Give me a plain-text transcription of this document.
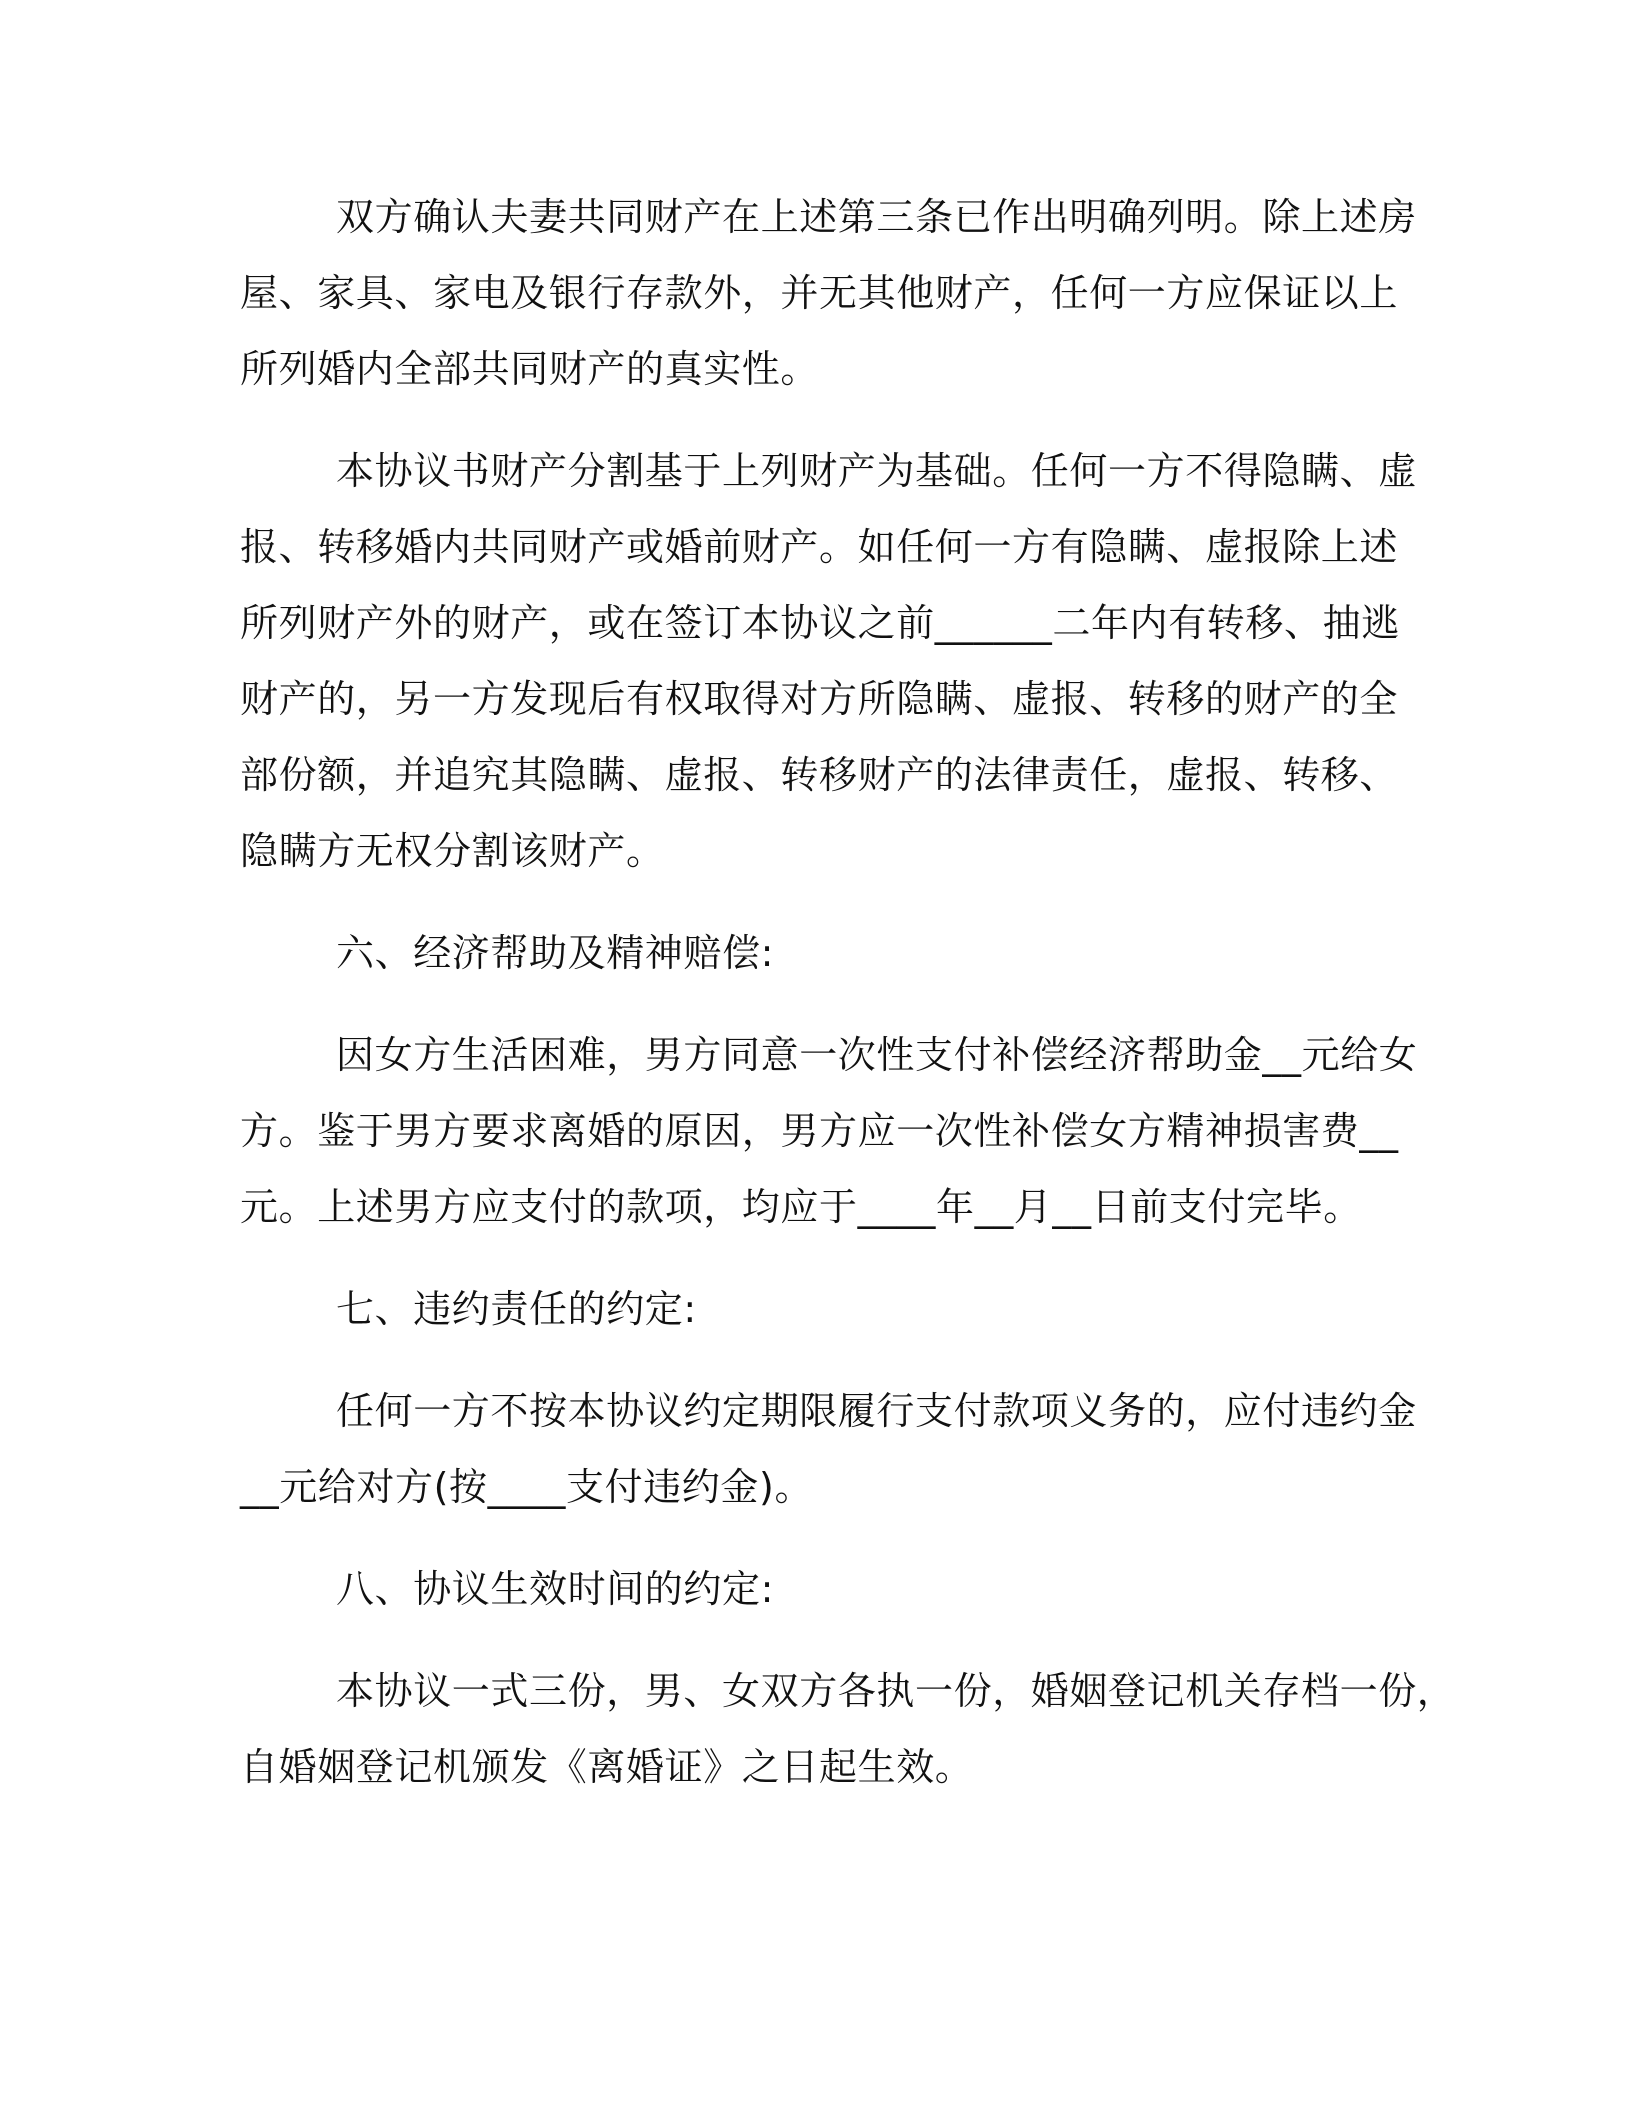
双方确认夫妻共同财产在上述第三条已作出明确列明。除上述房
屋、家具、家电及银行存款外，并无其他财产，任何一方应保证以上
所列婚内全部共同财产的真实性。
本协议书财产分割基于上列财产为基础。任何一方不得隐瞒、虚
报、转移婚内共同财产或婚前财产。如任何一方有隐瞒、虚报除上述
所列财产外的财产，或在签订本协议之前______二年内有转移、抽逃
财产的，另一方发现后有权取得对方所隐瞒、虚报、转移的财产的全
部份额，并追究其隐瞒、虚报、转移财产的法律责任，虚报、转移、
隐瞒方无权分割该财产。
六、经济帮助及精神赔偿:
因女方生活困难，男方同意一次性支付补偿经济帮助金__元给女
方。鉴于男方要求离婚的原因，男方应一次性补偿女方精神损害费__
元。上述男方应支付的款项，均应于____年__月__日前支付完毕。
七、违约责任的约定:
任何一方不按本协议约定期限履行支付款项义务的，应付违约金
__元给对方(按____支付违约金)。
八、协议生效时间的约定:
本协议一式三份，男、女双方各执一份，婚姻登记机关存档一份，
自婚姻登记机颁发《离婚证》之日起生效。
